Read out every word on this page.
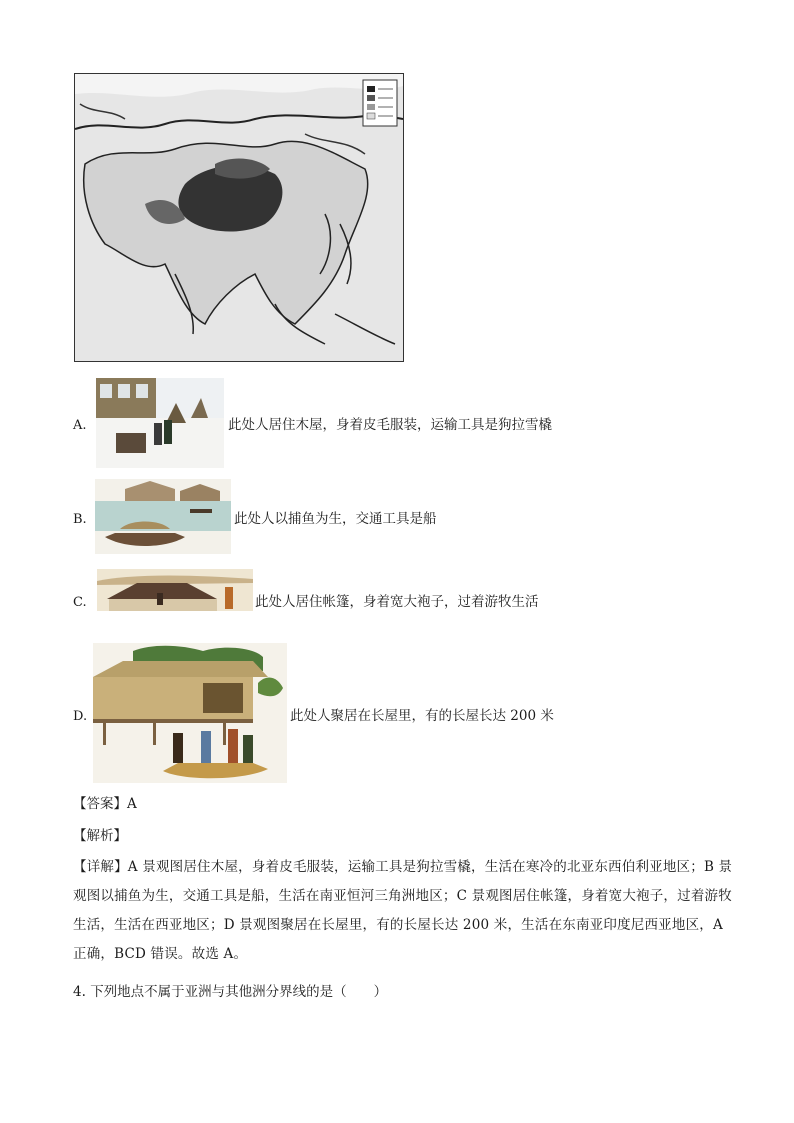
A.	此处人居住木屋，身着皮毛服装，运输工具是狗拉雪橇
B.	此处人以捕鱼为生，交通工具是船
C.	此处人居住帐篷，身着宽大袍子，过着游牧生活
D.	此处人聚居在长屋里，有的长屋长达 200 米
【答案】A
【解析】
【详解】A 景观图居住木屋，身着皮毛服装，运输工具是狗拉雪橇，生活在寒冷的北亚东西伯利亚地区；B 景观图以捕鱼为生，交通工具是船，生活在南亚恒河三角洲地区；C 景观图居住帐篷，身着宽大袍子，过着游牧生活，生活在西亚地区；D 景观图聚居在长屋里，有的长屋长达 200 米，生活在东南亚印度尼西亚地区，A 正确，BCD 错误。故选 A。
4. 下列地点不属于亚洲与其他洲分界线的是（　　）
